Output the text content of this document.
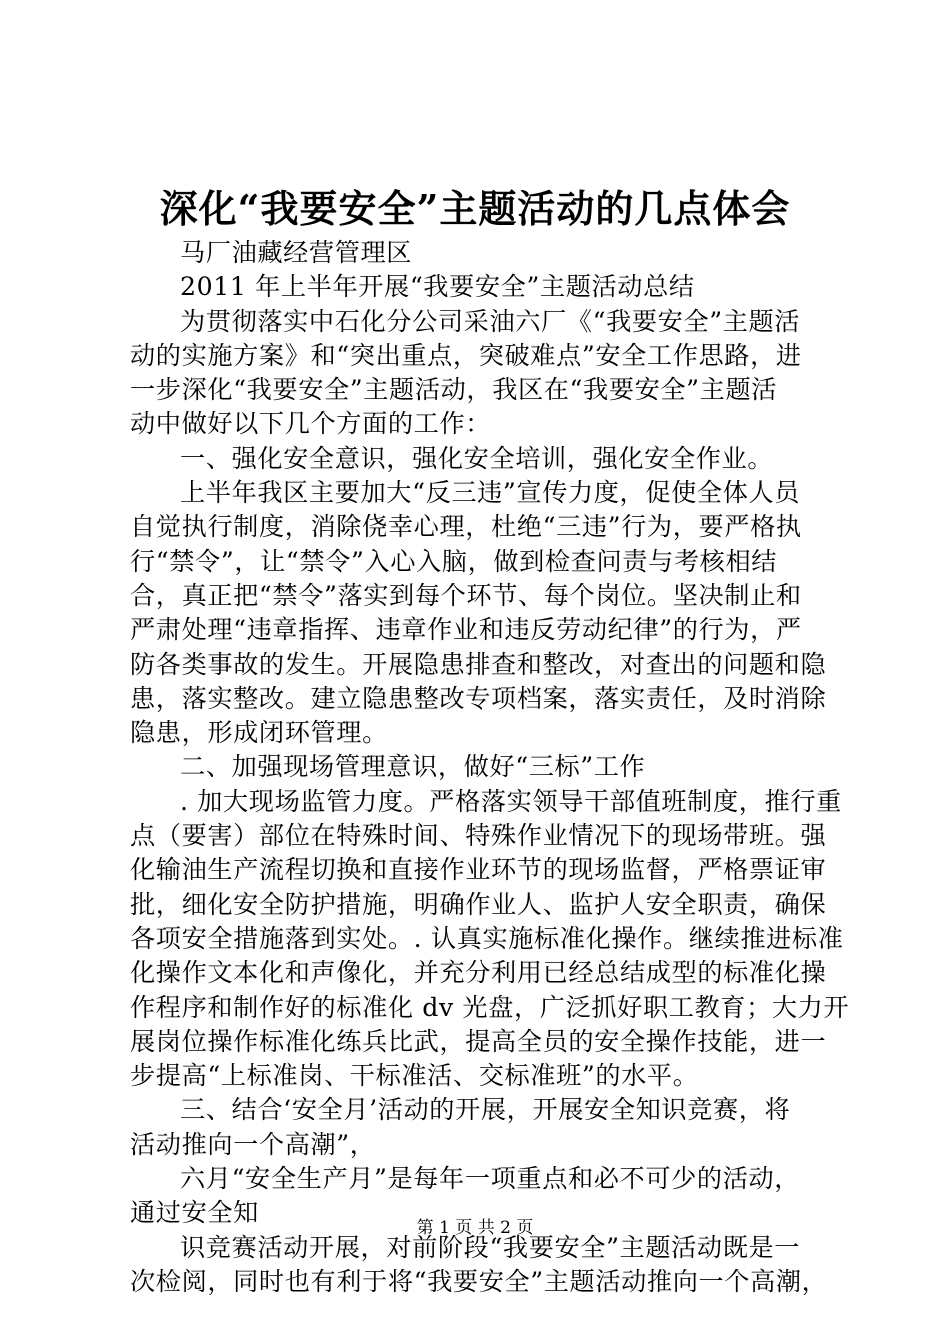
深化“我要安全”主题活动的几点体会
马厂油藏经营管理区
2011 年上半年开展“我要安全”主题活动总结
为贯彻落实中石化分公司采油六厂《“我要安全”主题活
动的实施方案》和“突出重点，突破难点”安全工作思路，进
一步深化“我要安全”主题活动，我区在“我要安全”主题活
动中做好以下几个方面的工作：
一、强化安全意识，强化安全培训，强化安全作业。
上半年我区主要加大“反三违”宣传力度，促使全体人员
自觉执行制度，消除侥幸心理，杜绝“三违”行为，要严格执
行“禁令”，让“禁令”入心入脑，做到检查问责与考核相结
合，真正把“禁令”落实到每个环节、每个岗位。坚决制止和
严肃处理“违章指挥、违章作业和违反劳动纪律”的行为，严
防各类事故的发生。开展隐患排查和整改，对查出的问题和隐
患，落实整改。建立隐患整改专项档案，落实责任，及时消除
隐患，形成闭环管理。
二、加强现场管理意识，做好“三标”工作
. 加大现场监管力度。严格落实领导干部值班制度，推行重
点（要害）部位在特殊时间、特殊作业情况下的现场带班。强
化输油生产流程切换和直接作业环节的现场监督，严格票证审
批，细化安全防护措施，明确作业人、监护人安全职责，确保
各项安全措施落到实处。. 认真实施标准化操作。继续推进标准
化操作文本化和声像化，并充分利用已经总结成型的标准化操
作程序和制作好的标准化 dv 光盘，广泛抓好职工教育；大力开
展岗位操作标准化练兵比武，提高全员的安全操作技能，进一
步提高“上标准岗、干标准活、交标准班”的水平。
三、结合‘安全月’活动的开展，开展安全知识竞赛，将
活动推向一个高潮”，
六月“安全生产月”是每年一项重点和必不可少的活动，
通过安全知
识竞赛活动开展，对前阶段“我要安全”主题活动既是一
次检阅，同时也有利于将“我要安全”主题活动推向一个高潮，
第 1 页 共 2 页
